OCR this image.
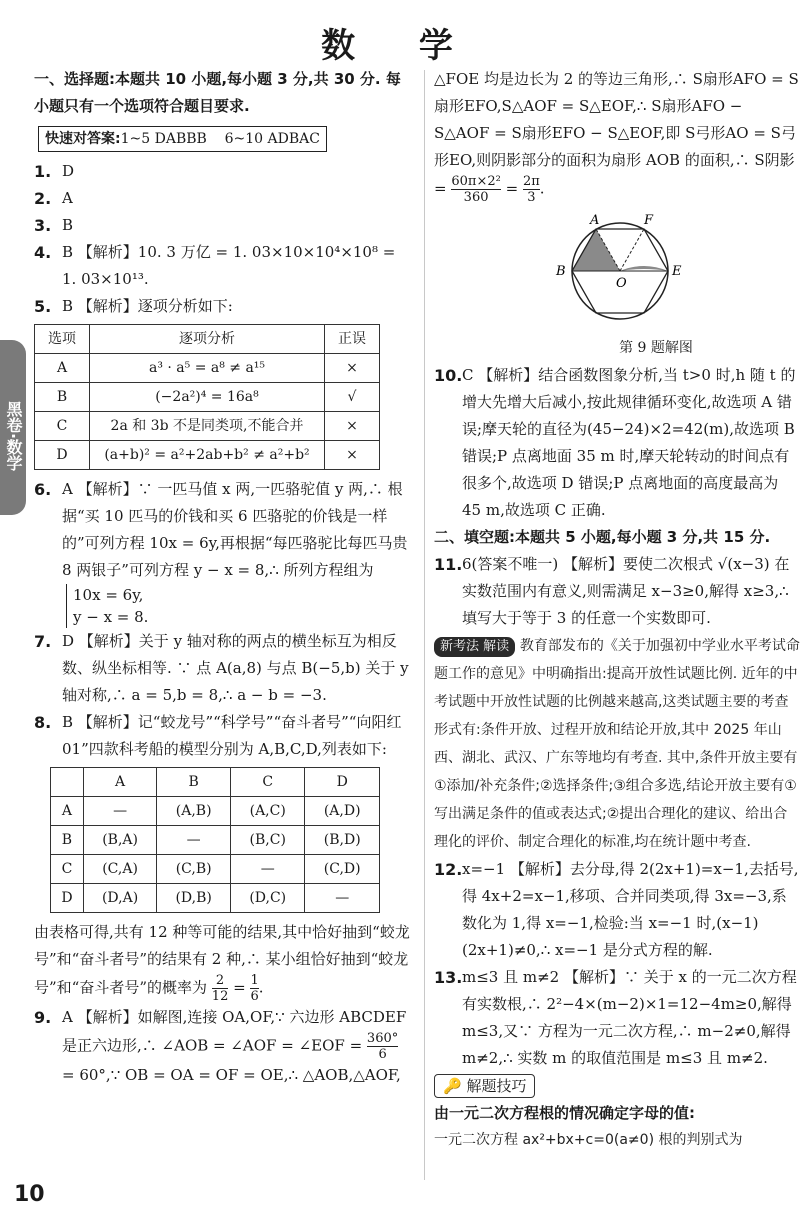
数 学
黑卷·数学
一、选择题:本题共 10 小题,每小题 3 分,共 30 分. 每小题只有一个选项符合题目要求.
快速对答案:1~5 DABBB 6~10 ADBAC
1. D
2. A
3. B
4. B 【解析】10. 3 万亿 = 1. 03×10×10⁴×10⁸ = 1. 03×10¹³.
5. B 【解析】逐项分析如下:
选项	逐项分析	正误
A	a³ · a⁵ = a⁸ ≠ a¹⁵	×
B	(−2a²)⁴ = 16a⁸	√
C	2a 和 3b 不是同类项,不能合并	×
D	(a+b)² = a²+2ab+b² ≠ a²+b²	×
6. A 【解析】∵ 一匹马值 x 两,一匹骆驼值 y 两,∴ 根据“买 10 匹马的价钱和买 6 匹骆驼的价钱是一样的”可列方程 10x = 6y,再根据“每匹骆驼比每匹马贵 8 两银子”可列方程 y − x = 8,∴ 所列方程组为
10x = 6y,
y − x = 8.
7. D 【解析】关于 y 轴对称的两点的横坐标互为相反数、纵坐标相等. ∵ 点 A(a,8) 与点 B(−5,b) 关于 y 轴对称,∴ a = 5,b = 8,∴ a − b = −3.
8. B 【解析】记“蛟龙号”“科学号”“奋斗者号”“向阳红 01”四款科考船的模型分别为 A,B,C,D,列表如下:
	A	B	C	D
A	—	(A,B)	(A,C)	(A,D)
B	(B,A)	—	(B,C)	(B,D)
C	(C,A)	(C,B)	—	(C,D)
D	(D,A)	(D,B)	(D,C)	—
由表格可得,共有 12 种等可能的结果,其中恰好抽到“蛟龙号”和“奋斗者号”的结果有 2 种,∴ 某小组恰好抽到“蛟龙号”和“奋斗者号”的概率为 $\frac{2}{12} = \frac{1}{6}$ .
9. A 【解析】如解图,连接 OA,OF,∵ 六边形 ABCDEF 是正六边形,∴ ∠AOB = ∠AOF = ∠EOF = $\frac{360^\circ}{6}$
= 60°,∵ OB = OA = OF = OE,∴ △AOB,△AOF,
△FOE 均是边长为 2 的等边三角形,∴ S扇形AFO = S扇形EFO,S△AOF = S△EOF,∴ S扇形AFO − S△AOF = S扇形EFO − S△EOF,即 S弓形AO = S弓形EO,则阴影部分的面积为扇形 AOB 的面积,∴ S阴影 = $\frac{\text{60π×2²}}{360} = \frac{2\pi}{3}$ .
A	F
B
O
E
第 9 题解图
10. C 【解析】结合函数图象分析,当 t>0 时,h 随 t 的增大先增大后减小,按此规律循环变化,故选项 A 错误;摩天轮的直径为(45−24)×2=42(m),故选项 B 错误;P 点离地面 35 m 时,摩天轮转动的时间点有很多个,故选项 D 错误;P 点离地面的高度最高为 45 m,故选项 C 正确.
二、填空题:本题共 5 小题,每小题 3 分,共 15 分.
11. 6(答案不唯一) 【解析】要使二次根式 √(x−3) 在实数范围内有意义,则需满足 x−3≥0,解得 x≥3,∴ 填写大于等于 3 的任意一个实数即可.
新考法 解读 教育部发布的《关于加强初中学业水平考试命题工作的意见》中明确指出:提高开放性试题比例. 近年的中考试题中开放性试题的比例越来越高,这类试题主要的考查形式有:条件开放、过程开放和结论开放,其中 2025 年山西、湖北、武汉、广东等地均有考查. 其中,条件开放主要有①添加/补充条件;②选择条件;③组合多选,结论开放主要有①写出满足条件的值或表达式;②提出合理化的建议、给出合理化的评价、制定合理化的标准,均在统计题中考查.
12. x=−1 【解析】去分母,得 2(2x+1)=x−1,去括号,得 4x+2=x−1,移项、合并同类项,得 3x=−3,系数化为 1,得 x=−1,检验:当 x=−1 时,(x−1)(2x+1)≠0,∴ x=−1 是分式方程的解.
13. m≤3 且 m≠2 【解析】∵ 关于 x 的一元二次方程有实数根,∴ 2²−4×(m−2)×1=12−4m≥0,解得 m≤3,又∵ 方程为一元二次方程,∴ m−2≠0,解得 m≠2,∴ 实数 m 的取值范围是 m≤3 且 m≠2.
🔑 解题技巧
由一元二次方程根的情况确定字母的值:
一元二次方程 ax²+bx+c=0(a≠0) 根的判别式为
10
